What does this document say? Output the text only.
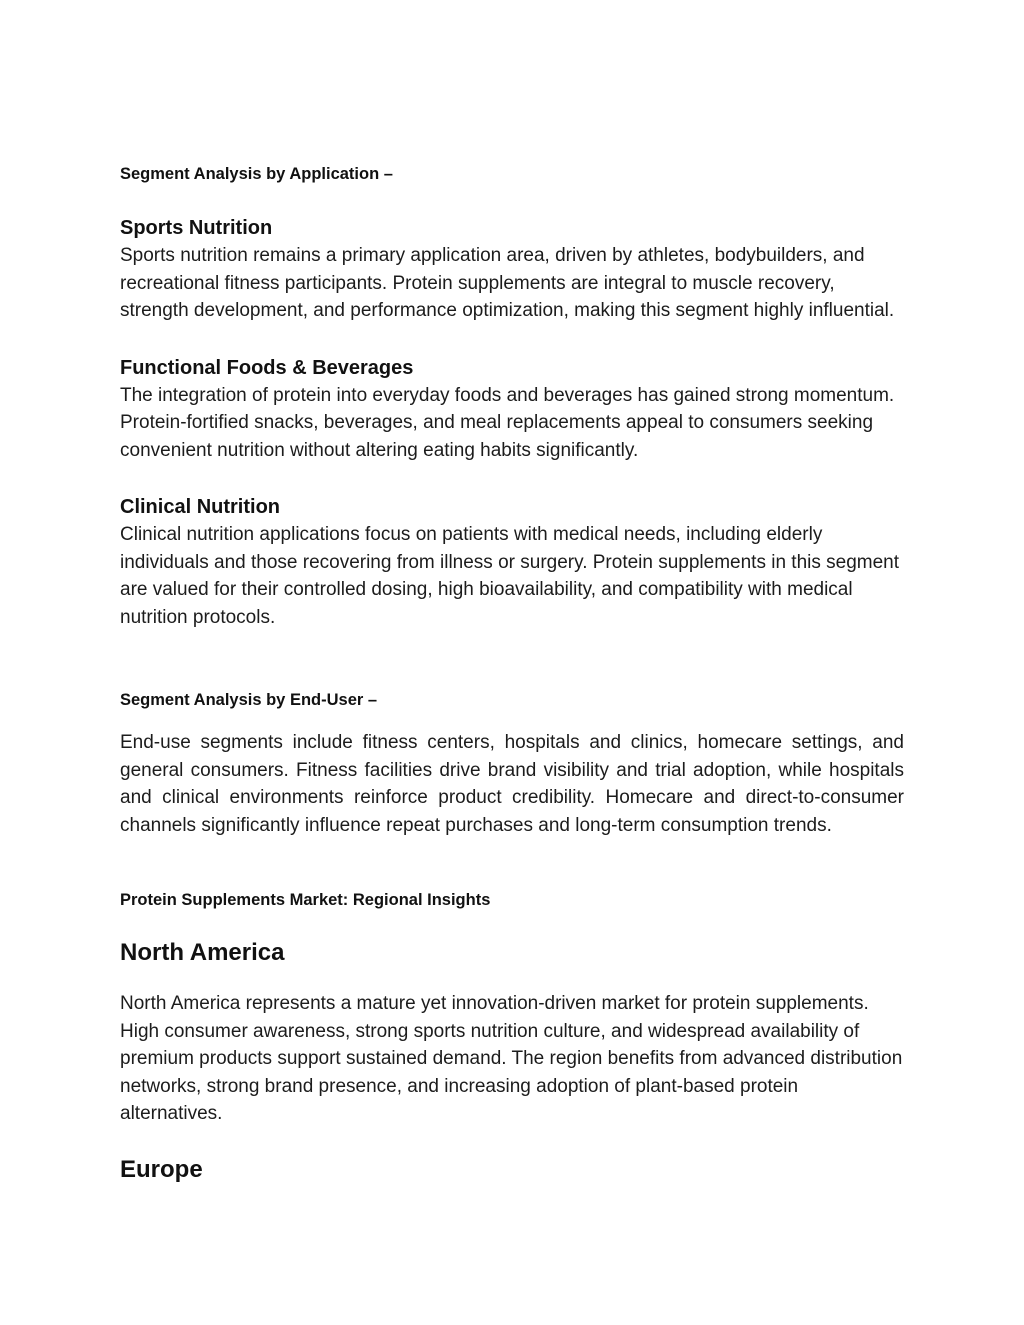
Segment Analysis by Application –

Sports Nutrition

Sports nutrition remains a primary application area, driven by athletes, bodybuilders, and recreational fitness participants. Protein supplements are integral to muscle recovery, strength development, and performance optimization, making this segment highly influential.

Functional Foods & Beverages

The integration of protein into everyday foods and beverages has gained strong momentum. Protein-fortified snacks, beverages, and meal replacements appeal to consumers seeking convenient nutrition without altering eating habits significantly.

Clinical Nutrition

Clinical nutrition applications focus on patients with medical needs, including elderly individuals and those recovering from illness or surgery. Protein supplements in this segment are valued for their controlled dosing, high bioavailability, and compatibility with medical nutrition protocols.

Segment Analysis by End-User –

End-use segments include fitness centers, hospitals and clinics, homecare settings, and general consumers. Fitness facilities drive brand visibility and trial adoption, while hospitals and clinical environments reinforce product credibility. Homecare and direct-to-consumer channels significantly influence repeat purchases and long-term consumption trends.

Protein Supplements Market: Regional Insights

North America

North America represents a mature yet innovation-driven market for protein supplements. High consumer awareness, strong sports nutrition culture, and widespread availability of premium products support sustained demand. The region benefits from advanced distribution networks, strong brand presence, and increasing adoption of plant-based protein alternatives.

Europe
